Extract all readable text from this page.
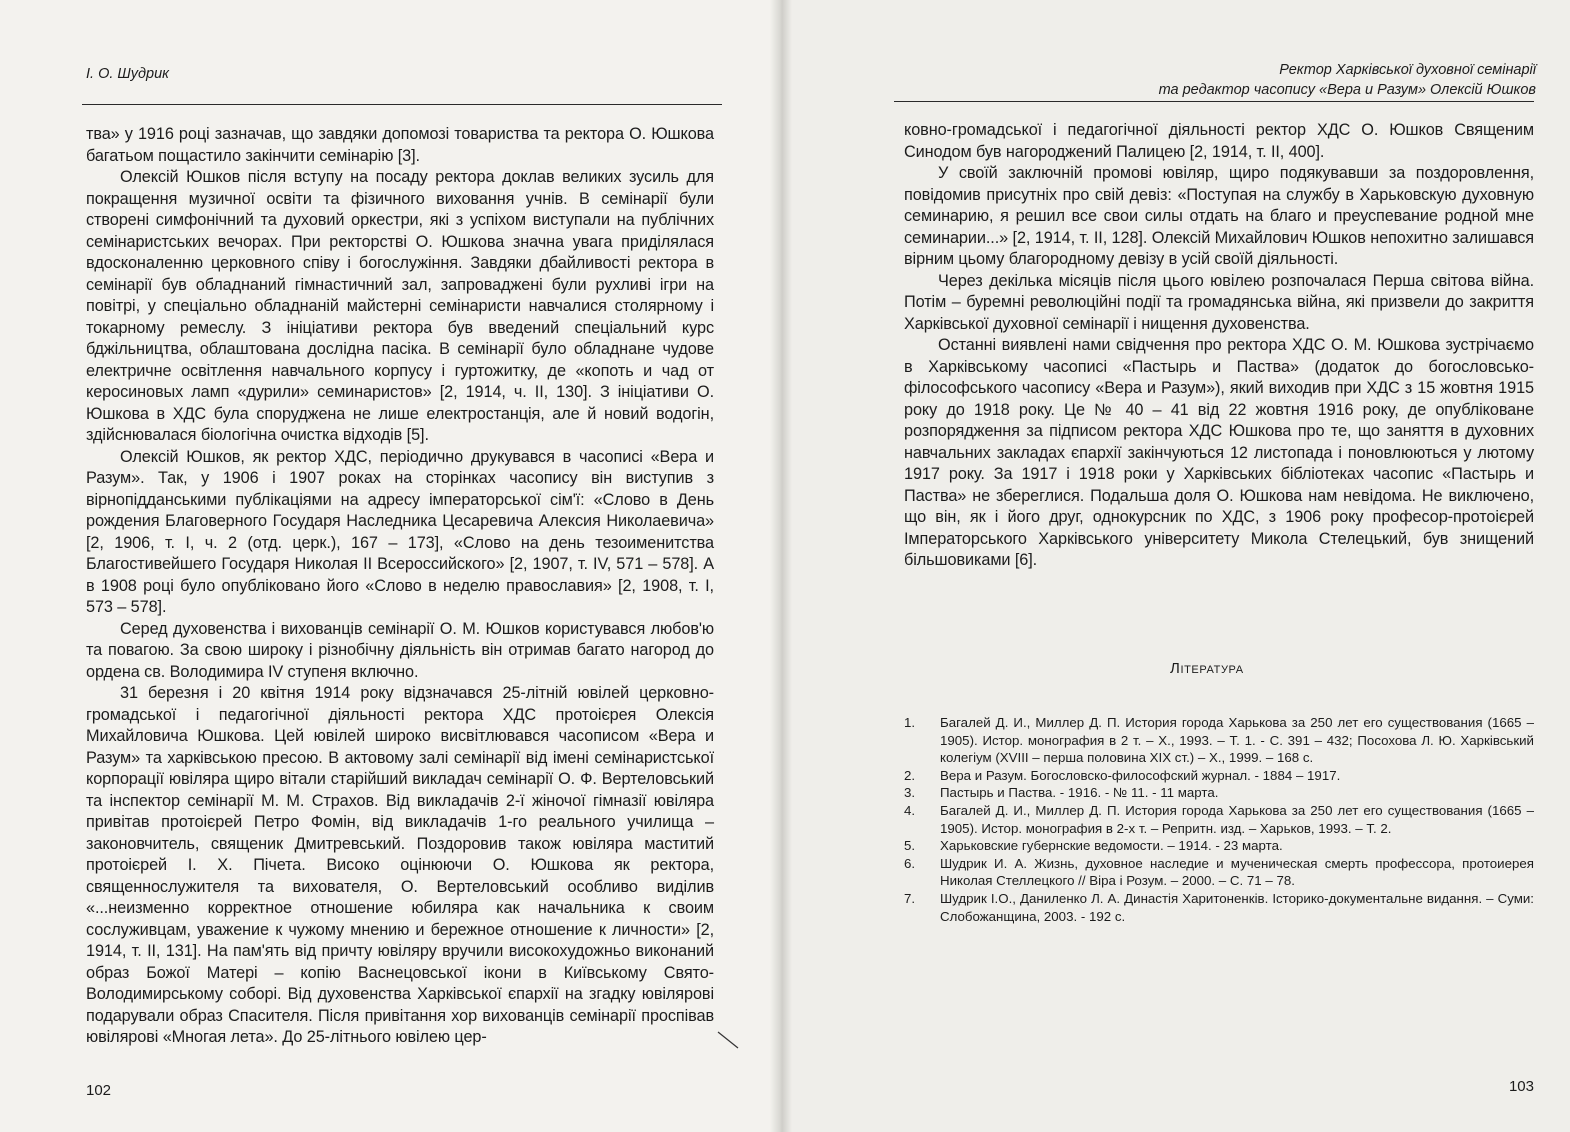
І. О. Шудрик

тва» у 1916 році зазначав, що завдяки допомозі товариства та ректора О. Юшкова багатьом пощастило закінчити семінарію [3].

Олексій Юшков після вступу на посаду ректора доклав великих зусиль для покращення музичної освіти та фізичного виховання учнів. В семінарії були створені симфонічний та духовий оркестри, які з успіхом виступали на публічних семінаристських вечорах. При ректорстві О. Юшкова значна увага приділялася вдосконаленню церковного співу і богослужіння. Завдяки дбайливості ректора в семінарії був обладнаний гімнастичний зал, запроваджені були рухливі ігри на повітрі, у спеціально обладнаній майстерні семінаристи навчалися столярному і токарному ремеслу. З ініціативи ректора був введений спеціальний курс бджільництва, облаштована дослідна пасіка. В семінарії було обладнане чудове електричне освітлення навчального корпусу і гуртожитку, де «копоть и чад от керосиновых ламп «дурили» семинаристов» [2, 1914, ч. ІІ, 130]. З ініціативи О. Юшкова в ХДС була споруджена не лише електростанція, але й новий водогін, здійснювалася біологічна очистка відходів [5].

Олексій Юшков, як ректор ХДС, періодично друкувався в часописі «Вера и Разум». Так, у 1906 і 1907 роках на сторінках часопису він виступив з вірнопідданськими публікаціями на адресу імператорської сім'ї: «Слово в День рождения Благоверного Государя Наследника Цесаревича Алексия Николаевича» [2, 1906, т. І, ч. 2 (отд. церк.), 167 – 173], «Слово на день тезоименитства Благостивейшего Государя Николая ІІ Всероссийского» [2, 1907, т. IV, 571 – 578]. А в 1908 році було опубліковано його «Слово в неделю православия» [2, 1908, т. І, 573 – 578].

Серед духовенства і вихованців семінарії О. М. Юшков користувався любов'ю та повагою. За свою широку і різнобічну діяльність він отримав багато нагород до ордена св. Володимира IV ступеня включно.

31 березня і 20 квітня 1914 року відзначався 25-літній ювілей церковно-громадської і педагогічної діяльності ректора ХДС протоієрея Олексія Михайловича Юшкова. Цей ювілей широко висвітлювався часописом «Вера и Разум» та харківською пресою. В актовому залі семінарії від імені семінаристської корпорації ювіляра щиро вітали старійший викладач семінарії О. Ф. Вертеловський та інспектор семінарії М. М. Страхов. Від викладачів 2-ї жіночої гімназії ювіляра привітав протоієрей Петро Фомін, від викладачів 1-го реального училища – законовчитель, священик Дмитревський. Поздоровив також ювіляра маститий протоієрей І. Х. Пічета. Високо оцінюючи О. Юшкова як ректора, священнослужителя та вихователя, О. Вертеловський особливо виділив «...неизменно корректное отношение юбиляра как начальника к своим сослуживцам, уважение к чужому мнению и бережное отношение к личности» [2, 1914, т. ІІ, 131]. На пам'ять від причту ювіляру вручили високохудожньо виконаний образ Божої Матері – копію Васнецовської ікони в Київському Свято-Володимирському соборі. Від духовенства Харківської єпархії на згадку ювілярові подарували образ Спасителя. Після привітання хор вихованців семінарії проспівав ювілярові «Многая лета». До 25-літнього ювілею цер-

102
Ректор Харківської духовної семінарії
та редактор часопису «Вера и Разум» Олексій Юшков

ковно-громадської і педагогічної діяльності ректор ХДС О. Юшков Священим Синодом був нагороджений Палицею [2, 1914, т. ІІ, 400].

У своїй заключній промові ювіляр, щиро подякувавши за поздоровлення, повідомив присутніх про свій девіз: «Поступая на службу в Харьковскую духовную семинарию, я решил все свои силы отдать на благо и преуспевание родной мне семинарии...» [2, 1914, т. ІІ, 128]. Олексій Михайлович Юшков непохитно залишався вірним цьому благородному девізу в усій своїй діяльності.

Через декілька місяців після цього ювілею розпочалася Перша світова війна. Потім – буремні революційні події та громадянська війна, які призвели до закриття Харківської духовної семінарії і нищення духовенства.

Останні виявлені нами свідчення про ректора ХДС О. М. Юшкова зустрічаємо в Харківському часописі «Пастырь и Паства» (додаток до богословсько-філософського часопису «Вера и Разум»), який виходив при ХДС з 15 жовтня 1915 року до 1918 року. Це № 40 – 41 від 22 жовтня 1916 року, де опубліковане розпорядження за підписом ректора ХДС Юшкова про те, що заняття в духовних навчальних закладах єпархії закінчуються 12 листопада і поновлюються у лютому 1917 року. За 1917 і 1918 роки у Харківських бібліотеках часопис «Пастырь и Паства» не збереглися. Подальша доля О. Юшкова нам невідома. Не виключено, що він, як і його друг, однокурсник по ХДС, з 1906 року професор-протоієрей Імператорського Харківського університету Микола Стелецький, був знищений більшовиками [6].

Література
1. Багалей Д. И., Миллер Д. П. История города Харькова за 250 лет его существования (1665 – 1905). Истор. монография в 2 т. – Х., 1993. – Т. 1. - С. 391 – 432; Посохова Л. Ю. Харківський колегіум (XVIII – перша половина XIX ст.) – Х., 1999. – 168 с.
2. Вера и Разум. Богословско-философский журнал. - 1884 – 1917.
3. Пастырь и Паства. - 1916. - № 11. - 11 марта.
4. Багалей Д. И., Миллер Д. П. История города Харькова за 250 лет его существования (1665 – 1905). Истор. монография в 2-х т. – Репритн. изд. – Харьков, 1993. – Т. 2.
5. Харьковские губернские ведомости. – 1914. - 23 марта.
6. Шудрик И. А. Жизнь, духовное наследие и мученическая смерть профессора, протоиерея Николая Стеллецкого // Віра і Розум. – 2000. – С. 71 – 78.
7. Шудрик І.О., Даниленко Л. А. Династія Харитоненків. Історико-документальне видання. – Суми: Слобожанщина, 2003. - 192 с.
103
